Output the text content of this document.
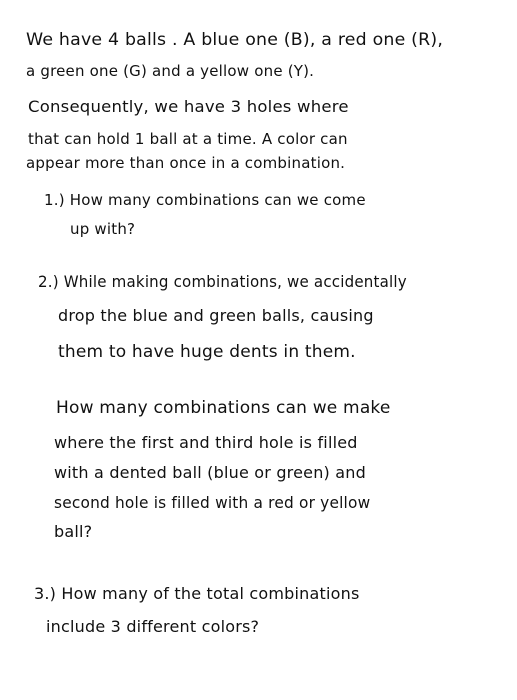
We have 4 balls . A blue one (B), a red one (R),
a green one (G) and a yellow one (Y).
Consequently, we have 3 holes where
that can hold 1 ball at a time. A color can
appear more than once in a combination.
1.) How many combinations can we come
up with?
2.) While making combinations, we accidentally
drop the blue and green balls, causing
them to have huge dents in them.
How many combinations can we make
where the first and third hole is filled
with a dented ball (blue or green) and
second hole is filled with a red or yellow
ball?
3.) How many of the total combinations
include 3 different colors?
